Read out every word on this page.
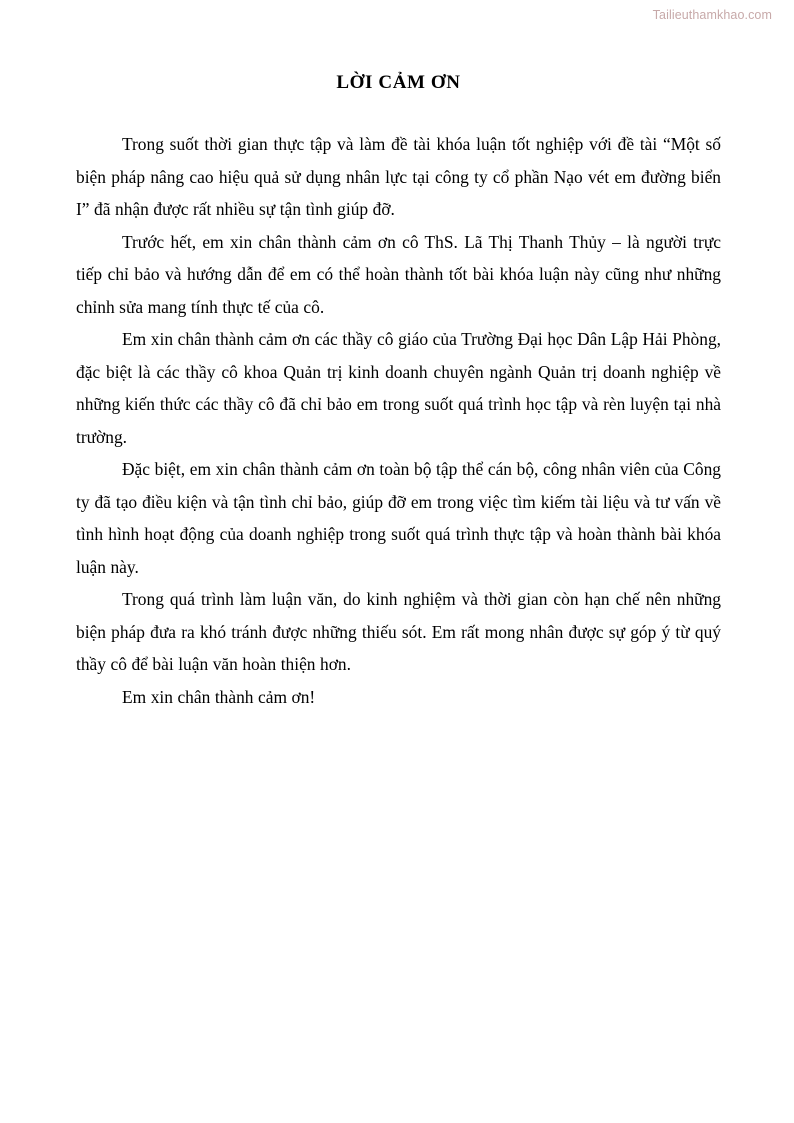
Tailieuthamkhao.com
LỜI CẢM ƠN

Trong suốt thời gian thực tập và làm đề tài khóa luận tốt nghiệp với đề tài “Một số biện pháp nâng cao hiệu quả sử dụng nhân lực tại công ty cổ phần Nạo vét em đường biển I” đã nhận được rất nhiều sự tận tình giúp đỡ.

Trước hết, em xin chân thành cảm ơn cô ThS. Lã Thị Thanh Thủy – là người trực tiếp chỉ bảo và hướng dẫn để em có thể hoàn thành tốt bài khóa luận này cũng như những chỉnh sửa mang tính thực tế của cô.

Em xin chân thành cảm ơn các thầy cô giáo của Trường Đại học Dân Lập Hải Phòng, đặc biệt là các thầy cô khoa Quản trị kinh doanh chuyên ngành Quản trị doanh nghiệp về những kiến thức các thầy cô đã chỉ bảo em trong suốt quá trình học tập và rèn luyện tại nhà trường.

Đặc biệt, em xin chân thành cảm ơn toàn bộ tập thể cán bộ, công nhân viên của Công ty đã tạo điều kiện và tận tình chỉ bảo, giúp đỡ em trong việc tìm kiếm tài liệu và tư vấn về tình hình hoạt động của doanh nghiệp trong suốt quá trình thực tập và hoàn thành bài khóa luận này.

Trong quá trình làm luận văn, do kinh nghiệm và thời gian còn hạn chế nên những biện pháp đưa ra khó tránh được những thiếu sót. Em rất mong nhân được sự góp ý từ quý thầy cô để bài luận văn hoàn thiện hơn.

Em xin chân thành cảm ơn!
